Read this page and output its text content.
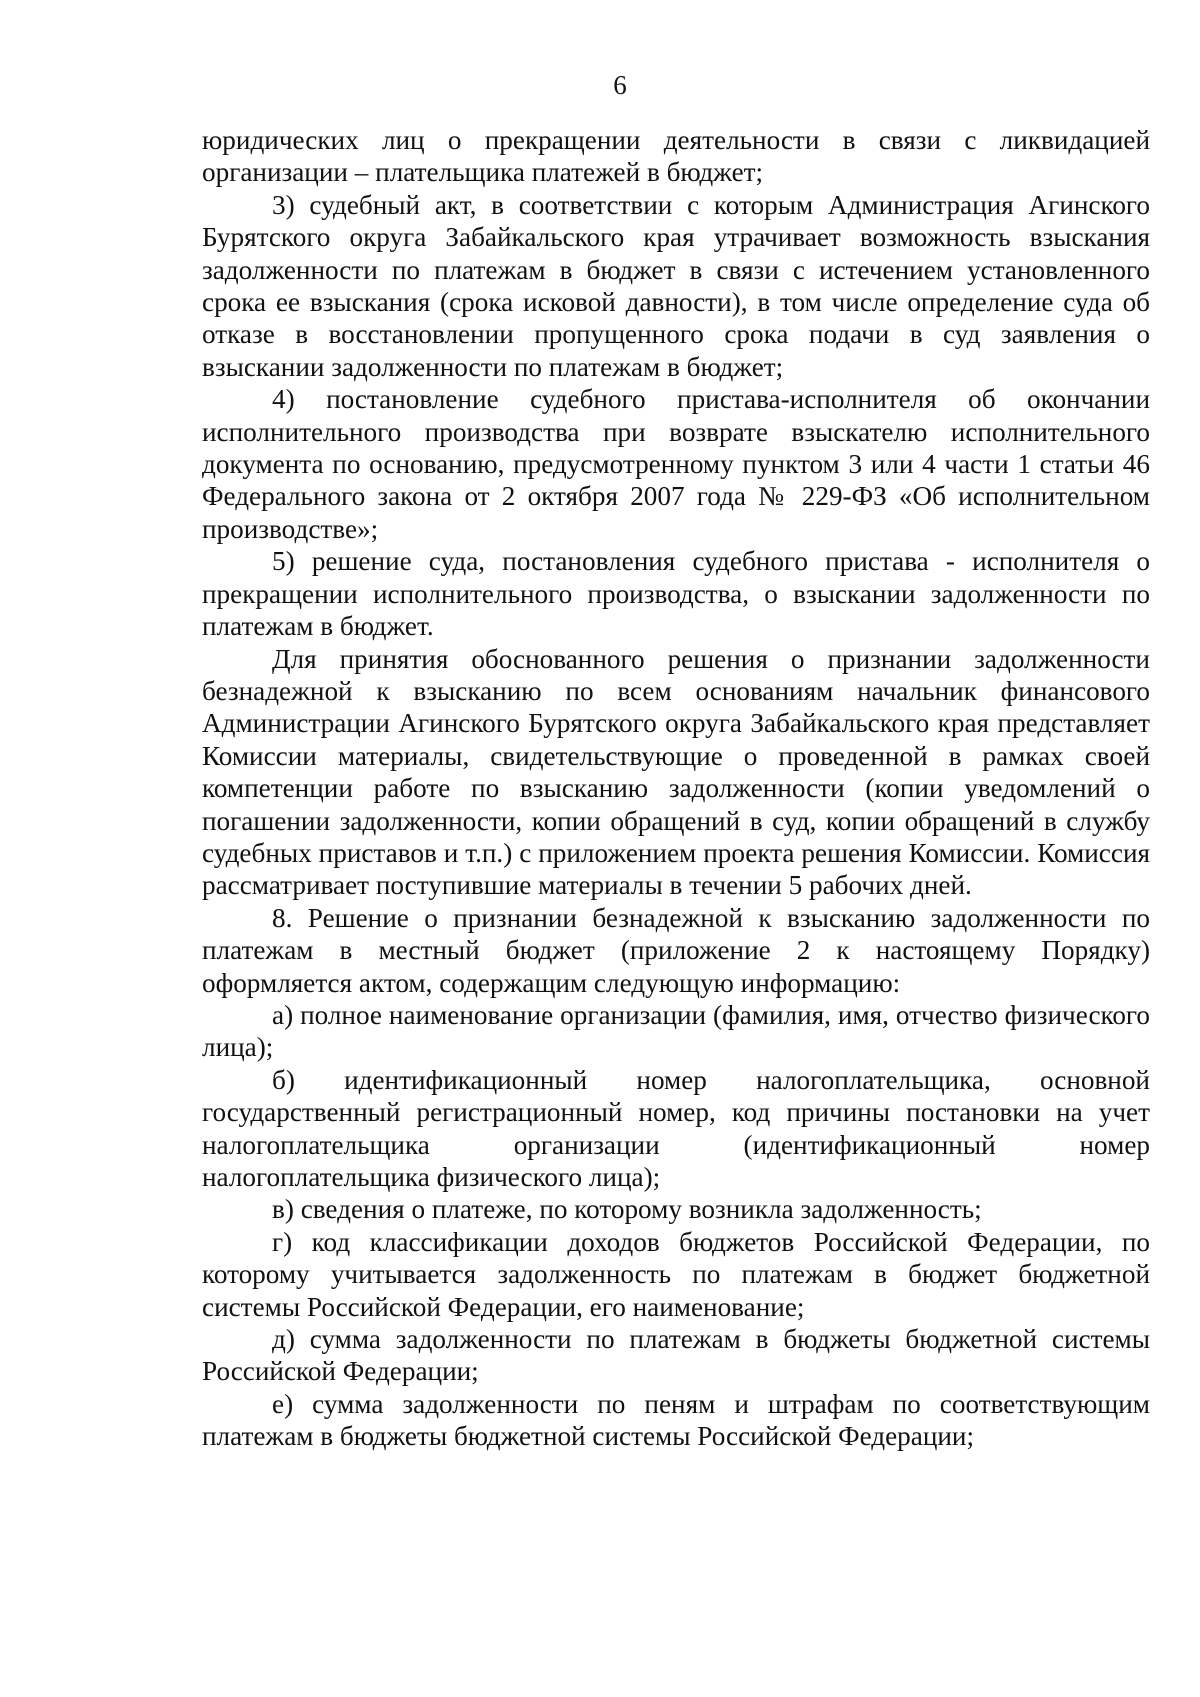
6

юридических лиц о прекращении деятельности в связи с ликвидацией организации – плательщика платежей в бюджет;

3) судебный акт, в соответствии с которым Администрация Агинского Бурятского округа Забайкальского края утрачивает возможность взыскания задолженности по платежам в бюджет в связи с истечением установленного срока ее взыскания (срока исковой давности), в том числе определение суда об отказе в восстановлении пропущенного срока подачи в суд заявления о взыскании задолженности по платежам в бюджет;

4) постановление судебного пристава-исполнителя об окончании исполнительного производства при возврате взыскателю исполнительного документа по основанию, предусмотренному пунктом 3 или 4 части 1 статьи 46 Федерального закона от 2 октября 2007 года № 229-ФЗ «Об исполнительном производстве»;

5) решение суда, постановления судебного пристава - исполнителя о прекращении исполнительного производства, о взыскании задолженности по платежам в бюджет.

Для принятия обоснованного решения о признании задолженности безнадежной к взысканию по всем основаниям начальник финансового Администрации Агинского Бурятского округа Забайкальского края представляет Комиссии материалы, свидетельствующие о проведенной в рамках своей компетенции работе по взысканию задолженности (копии уведомлений о погашении задолженности, копии обращений в суд, копии обращений в службу судебных приставов и т.п.) с приложением проекта решения Комиссии. Комиссия рассматривает поступившие материалы в течении 5 рабочих дней.

8. Решение о признании безнадежной к взысканию задолженности по платежам в местный бюджет (приложение 2 к настоящему Порядку) оформляется актом, содержащим следующую информацию:

а) полное наименование организации (фамилия, имя, отчество физического лица);

б) идентификационный номер налогоплательщика, основной государственный регистрационный номер, код причины постановки на учет налогоплательщика организации (идентификационный номер налогоплательщика физического лица);

в) сведения о платеже, по которому возникла задолженность;

г) код классификации доходов бюджетов Российской Федерации, по которому учитывается задолженность по платежам в бюджет бюджетной системы Российской Федерации, его наименование;

д) сумма задолженности по платежам в бюджеты бюджетной системы Российской Федерации;

е) сумма задолженности по пеням и штрафам по соответствующим платежам в бюджеты бюджетной системы Российской Федерации;
